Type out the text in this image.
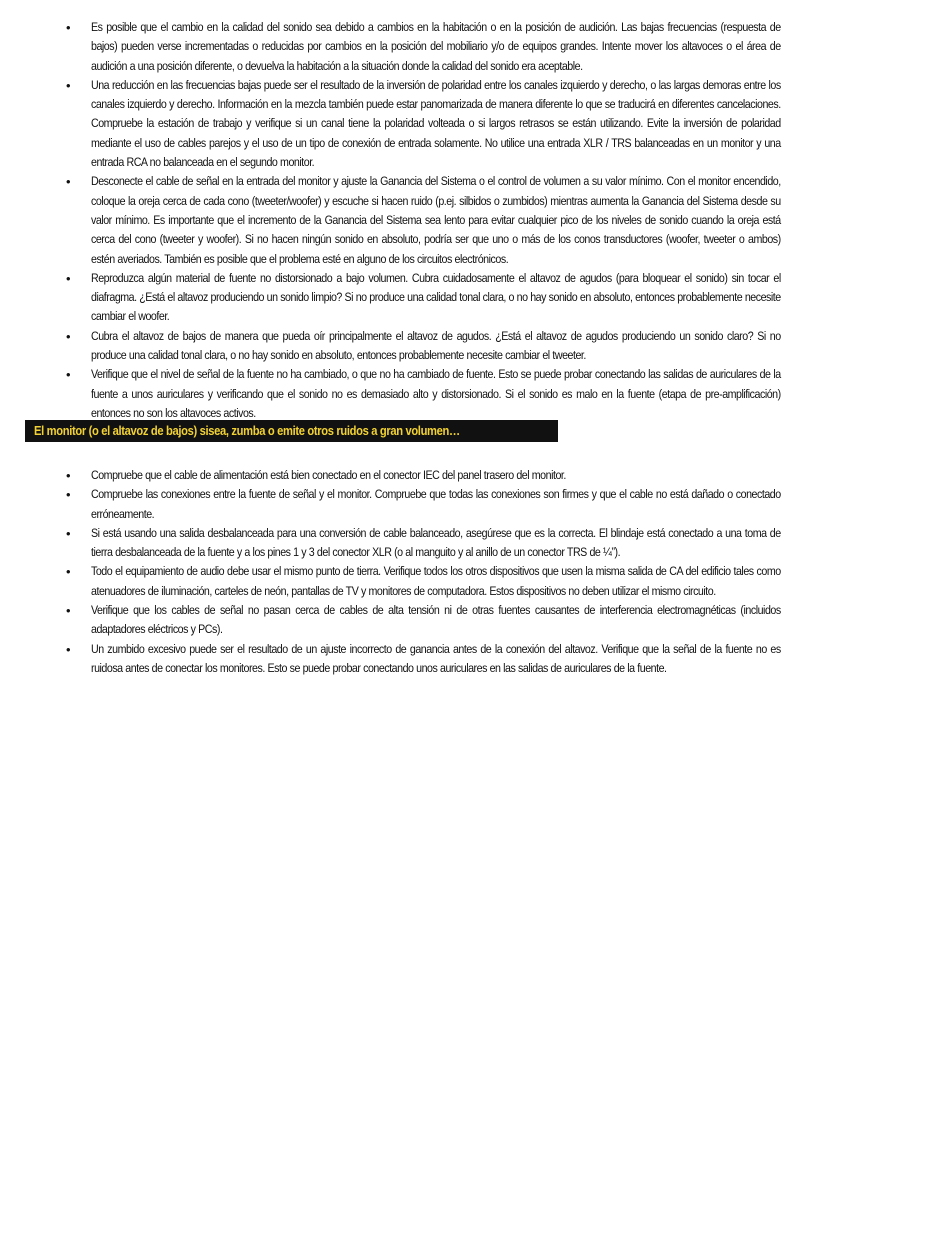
• Es posible que el cambio en la calidad del sonido sea debido a cambios en la habitación o en la posición de audición. Las bajas frecuencias (respuesta de bajos) pueden verse incrementadas o reducidas por cambios en la posición del mobiliario y/o de equipos grandes. Intente mover los altavoces o el área de audición a una posición diferente, o devuelva la habitación a la situación donde la calidad del sonido era aceptable.
• Una reducción en las frecuencias bajas puede ser el resultado de la inversión de polaridad entre los canales izquierdo y derecho, o las largas demoras entre los canales izquierdo y derecho. Información en la mezcla también puede estar panomarizada de manera diferente lo que se traducirá en diferentes cancelaciones. Compruebe la estación de trabajo y verifique si un canal tiene la polaridad volteada o si largos retrasos se están utilizando. Evite la inversión de polaridad mediante el uso de cables parejos y el uso de un tipo de conexión de entrada solamente. No utilice una entrada XLR / TRS balanceadas en un monitor y una entrada RCA no balanceada en el segundo monitor.
• Desconecte el cable de señal en la entrada del monitor y ajuste la Ganancia del Sistema o el control de volumen a su valor mínimo. Con el monitor encendido, coloque la oreja cerca de cada cono (tweeter/woofer) y escuche si hacen ruido (p.ej. silbidos o zumbidos) mientras aumenta la Ganancia del Sistema desde su valor mínimo. Es importante que el incremento de la Ganancia del Sistema sea lento para evitar cualquier pico de los niveles de sonido cuando la oreja está cerca del cono (tweeter y woofer). Si no hacen ningún sonido en absoluto, podría ser que uno o más de los conos transductores (woofer, tweeter o ambos) estén averiados. También es posible que el problema esté en alguno de los circuitos electrónicos.
• Reproduzca algún material de fuente no distorsionado a bajo volumen. Cubra cuidadosamente el altavoz de agudos (para bloquear el sonido) sin tocar el diafragma. ¿Está el altavoz produciendo un sonido limpio? Si no produce una calidad tonal clara, o no hay sonido en absoluto, entonces probablemente necesite cambiar el woofer.
• Cubra el altavoz de bajos de manera que pueda oír principalmente el altavoz de agudos. ¿Está el altavoz de agudos produciendo un sonido claro? Si no produce una calidad tonal clara, o no hay sonido en absoluto, entonces probablemente necesite cambiar el tweeter.
• Verifique que el nivel de señal de la fuente no ha cambiado, o que no ha cambiado de fuente. Esto se puede probar conectando las salidas de auriculares de la fuente a unos auriculares y verificando que el sonido no es demasiado alto y distorsionado. Si el sonido es malo en la fuente (etapa de pre-amplificación) entonces no son los altavoces activos.
El monitor (o el altavoz de bajos) sisea, zumba o emite otros ruidos a gran volumen…
• Compruebe que el cable de alimentación está bien conectado en el conector IEC del panel trasero del monitor.
• Compruebe las conexiones entre la fuente de señal y el monitor. Compruebe que todas las conexiones son firmes y que el cable no está dañado o conectado erróneamente.
• Si está usando una salida desbalanceada para una conversión de cable balanceado, asegúrese que es la correcta. El blindaje está conectado a una toma de tierra desbalanceada de la fuente y a los pines 1 y 3 del conector XLR (o al manguito y al anillo de un conector TRS de ¼”).
• Todo el equipamiento de audio debe usar el mismo punto de tierra. Verifique todos los otros dispositivos que usen la misma salida de CA del edificio tales como atenuadores de iluminación, carteles de neón, pantallas de TV y monitores de computadora. Estos dispositivos no deben utilizar el mismo circuito.
• Verifique que los cables de señal no pasan cerca de cables de alta tensión ni de otras fuentes causantes de interferencia electromagnéticas (incluidos adaptadores eléctricos y PCs).
• Un zumbido excesivo puede ser el resultado de un ajuste incorrecto de ganancia antes de la conexión del altavoz. Verifique que la señal de la fuente no es ruidosa antes de conectar los monitores. Esto se puede probar conectando unos auriculares en las salidas de auriculares de la fuente.
